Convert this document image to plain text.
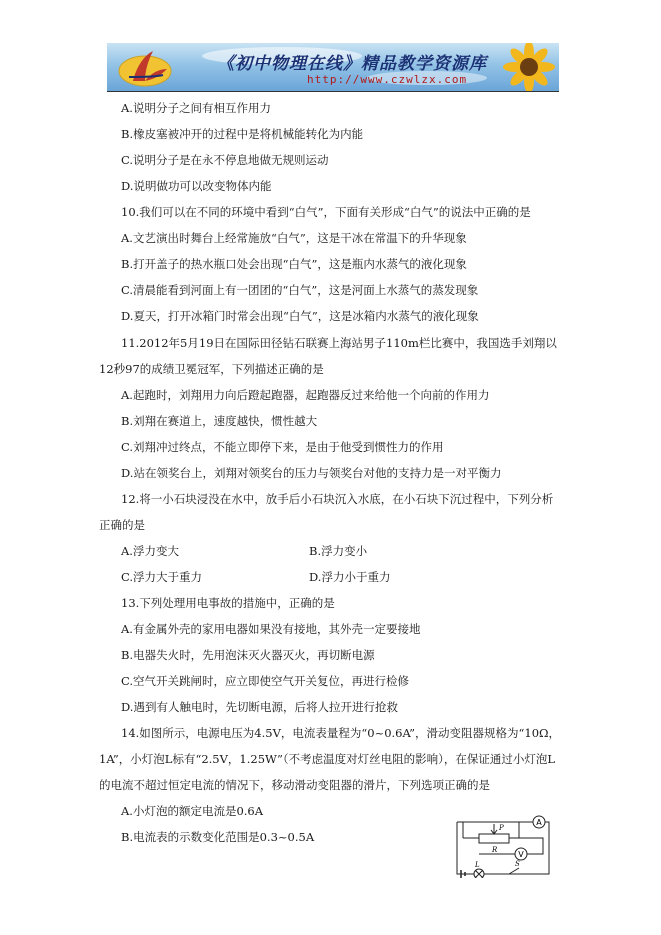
《初中物理在线》精品教学资源库
http://www.czwlzx.com
A.说明分子之间有相互作用力
B.橡皮塞被冲开的过程中是将机械能转化为内能
C.说明分子是在永不停息地做无规则运动
D.说明做功可以改变物体内能
10.我们可以在不同的环境中看到“白气”，下面有关形成“白气”的说法中正确的是
A.文艺演出时舞台上经常施放“白气”，这是干冰在常温下的升华现象
B.打开盖子的热水瓶口处会出现“白气”，这是瓶内水蒸气的液化现象
C.清晨能看到河面上有一团团的“白气”，这是河面上水蒸气的蒸发现象
D.夏天，打开冰箱门时常会出现“白气”，这是冰箱内水蒸气的液化现象
11.2012年5月19日在国际田径钻石联赛上海站男子110m栏比赛中，我国选手刘翔以
12秒97的成绩卫冕冠军，下列描述正确的是
A.起跑时，刘翔用力向后蹬起跑器，起跑器反过来给他一个向前的作用力
B.刘翔在赛道上，速度越快，惯性越大
C.刘翔冲过终点，不能立即停下来，是由于他受到惯性力的作用
D.站在领奖台上，刘翔对领奖台的压力与领奖台对他的支持力是一对平衡力
12.将一小石块浸没在水中，放手后小石块沉入水底，在小石块下沉过程中，下列分析
正确的是
A.浮力变大	B.浮力变小
C.浮力大于重力	D.浮力小于重力
13.下列处理用电事故的措施中，正确的是
A.有金属外壳的家用电器如果没有接地，其外壳一定要接地
B.电器失火时，先用泡沫灭火器灭火，再切断电源
C.空气开关跳闸时，应立即使空气开关复位，再进行检修
D.遇到有人触电时，先切断电源，后将人拉开进行抢救
14.如图所示，电源电压为4.5V，电流表量程为“0~0.6A”，滑动变阻器规格为“10Ω，
1A”，小灯泡L标有“2.5V，1.25W”（不考虑温度对灯丝电阻的影响），在保证通过小灯泡L
的电流不超过恒定电流的情况下，移动滑动变阻器的滑片，下列选项正确的是
A.小灯泡的额定电流是0.6A
B.电流表的示数变化范围是0.3~0.5A
A
V
P
R
L	S
